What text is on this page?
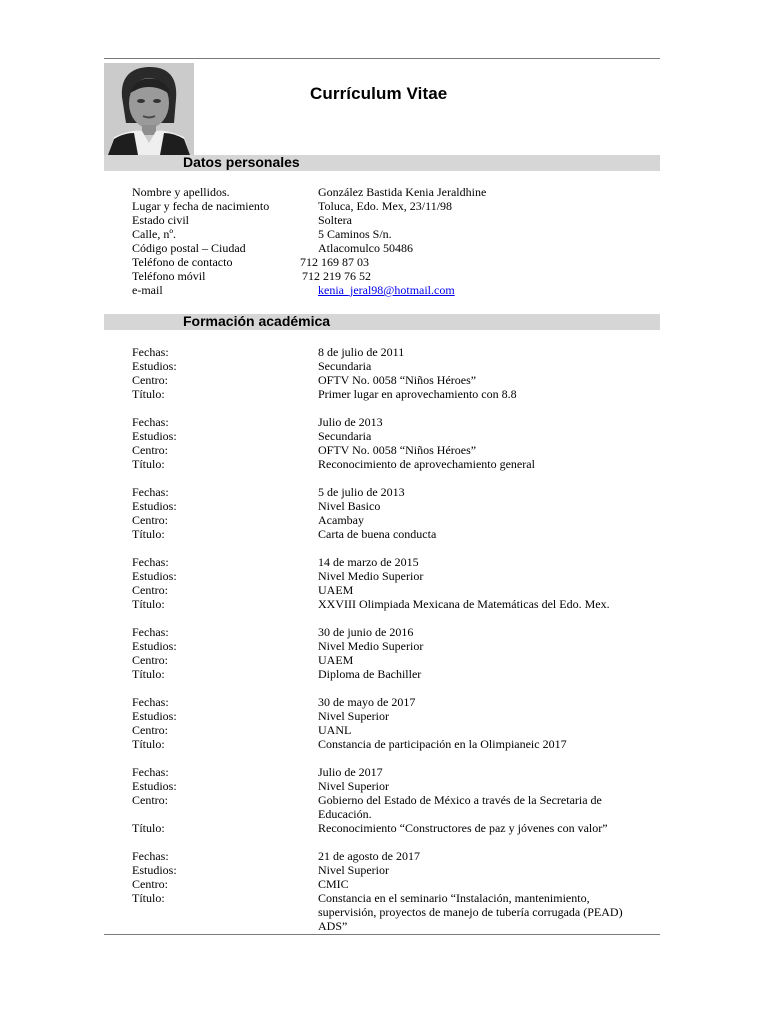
Currículum Vitae
Datos personales
Nombre y apellidos.	González Bastida Kenia Jeraldhine
Lugar y fecha de nacimiento	Toluca, Edo. Mex, 23/11/98
Estado civil	Soltera
Calle, nº.	5 Caminos S/n.
Código postal – Ciudad	Atlacomulco 50486
Teléfono de contacto	712 169 87 03
Teléfono móvil	712 219 76 52
e-mail	kenia_jeral98@hotmail.com
Formación académica
Fechas:	8 de julio de 2011
Estudios:	Secundaria
Centro:	OFTV No. 0058 “Niños Héroes”
Título:	Primer lugar en aprovechamiento con 8.8
Fechas:	Julio de 2013
Estudios:	Secundaria
Centro:	OFTV No. 0058 “Niños Héroes”
Título:	Reconocimiento de aprovechamiento general
Fechas:	5 de julio de 2013
Estudios:	Nivel Basico
Centro:	Acambay
Título:	Carta de buena conducta
Fechas:	14 de marzo de 2015
Estudios:	Nivel Medio Superior
Centro:	UAEM
Título:	XXVIII Olimpiada Mexicana de Matemáticas del Edo. Mex.
Fechas:	30 de junio de 2016
Estudios:	Nivel Medio Superior
Centro:	UAEM
Título:	Diploma de Bachiller
Fechas:	30 de mayo de 2017
Estudios:	Nivel Superior
Centro:	UANL
Título:	Constancia de participación en la Olimpianeic 2017
Fechas:	Julio de 2017
Estudios:	Nivel Superior
Centro:	Gobierno del Estado de México a través de la Secretaria de Educación.
Título:	Reconocimiento “Constructores de paz y jóvenes con valor”
Fechas:	21 de agosto de 2017
Estudios:	Nivel Superior
Centro:	CMIC
Título:	Constancia en el seminario “Instalación, mantenimiento, supervisión, proyectos de manejo de tubería corrugada (PEAD) ADS”
